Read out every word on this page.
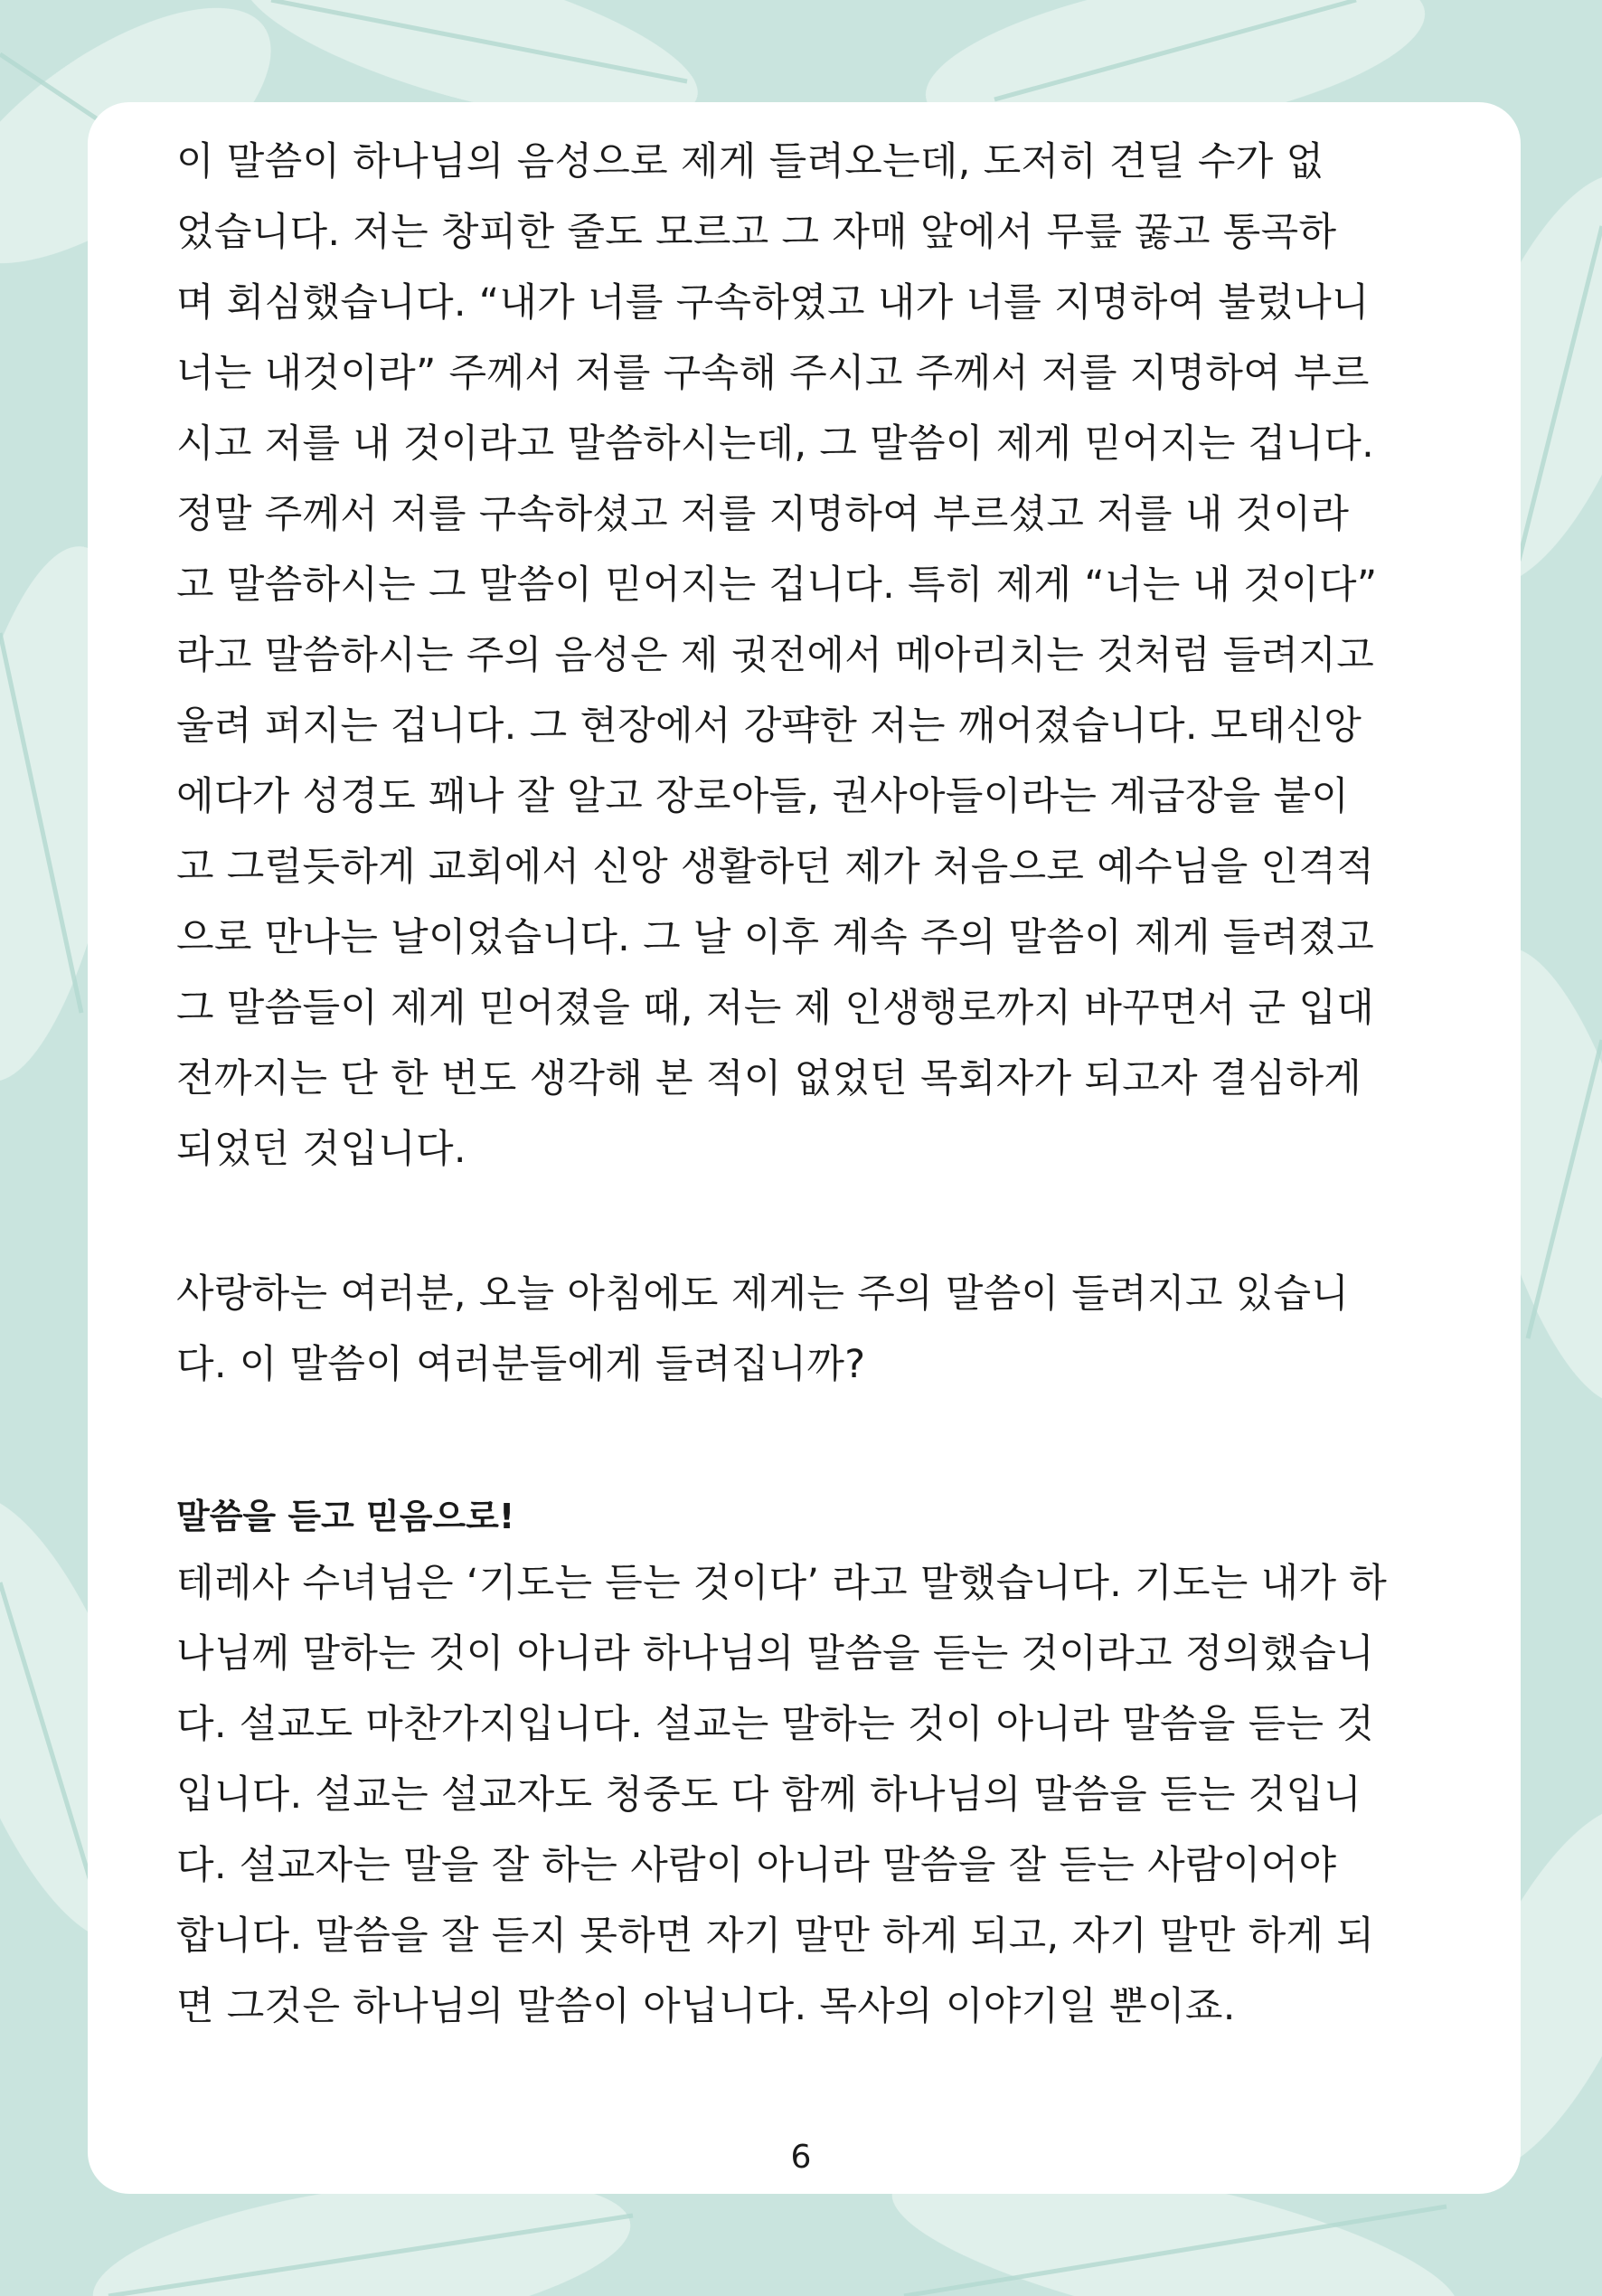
이 말씀이 하나님의 음성으로 제게 들려오는데, 도저히 견딜 수가 없

었습니다. 저는 창피한 줄도 모르고 그 자매 앞에서 무릎 꿇고 통곡하

며 회심했습니다. “내가 너를 구속하였고 내가 너를 지명하여 불렀나니

너는 내것이라” 주께서 저를 구속해 주시고 주께서 저를 지명하여 부르

시고 저를 내 것이라고 말씀하시는데, 그 말씀이 제게 믿어지는 겁니다.

정말 주께서 저를 구속하셨고 저를 지명하여 부르셨고 저를 내 것이라

고 말씀하시는 그 말씀이 믿어지는 겁니다. 특히 제게 “너는 내 것이다”

라고 말씀하시는 주의 음성은 제 귓전에서 메아리치는 것처럼 들려지고

울려 퍼지는 겁니다. 그 현장에서 강퍅한 저는 깨어졌습니다. 모태신앙

에다가 성경도 꽤나 잘 알고 장로아들, 권사아들이라는 계급장을 붙이

고 그럴듯하게 교회에서 신앙 생활하던 제가 처음으로 예수님을 인격적

으로 만나는 날이었습니다. 그 날 이후 계속 주의 말씀이 제게 들려졌고

그 말씀들이 제게 믿어졌을 때, 저는 제 인생행로까지 바꾸면서 군 입대

전까지는 단 한 번도 생각해 본 적이 없었던 목회자가 되고자 결심하게

되었던 것입니다.

사랑하는 여러분, 오늘 아침에도 제게는 주의 말씀이 들려지고 있습니

다. 이 말씀이 여러분들에게 들려집니까?

말씀을 듣고 믿음으로!

테레사 수녀님은 ‘기도는 듣는 것이다’ 라고 말했습니다. 기도는 내가 하

나님께 말하는 것이 아니라 하나님의 말씀을 듣는 것이라고 정의했습니

다. 설교도 마찬가지입니다. 설교는 말하는 것이 아니라 말씀을 듣는 것

입니다. 설교는 설교자도 청중도 다 함께 하나님의 말씀을 듣는 것입니

다. 설교자는 말을 잘 하는 사람이 아니라 말씀을 잘 듣는 사람이어야

합니다. 말씀을 잘 듣지 못하면 자기 말만 하게 되고, 자기 말만 하게 되

면 그것은 하나님의 말씀이 아닙니다. 목사의 이야기일 뿐이죠.

6
